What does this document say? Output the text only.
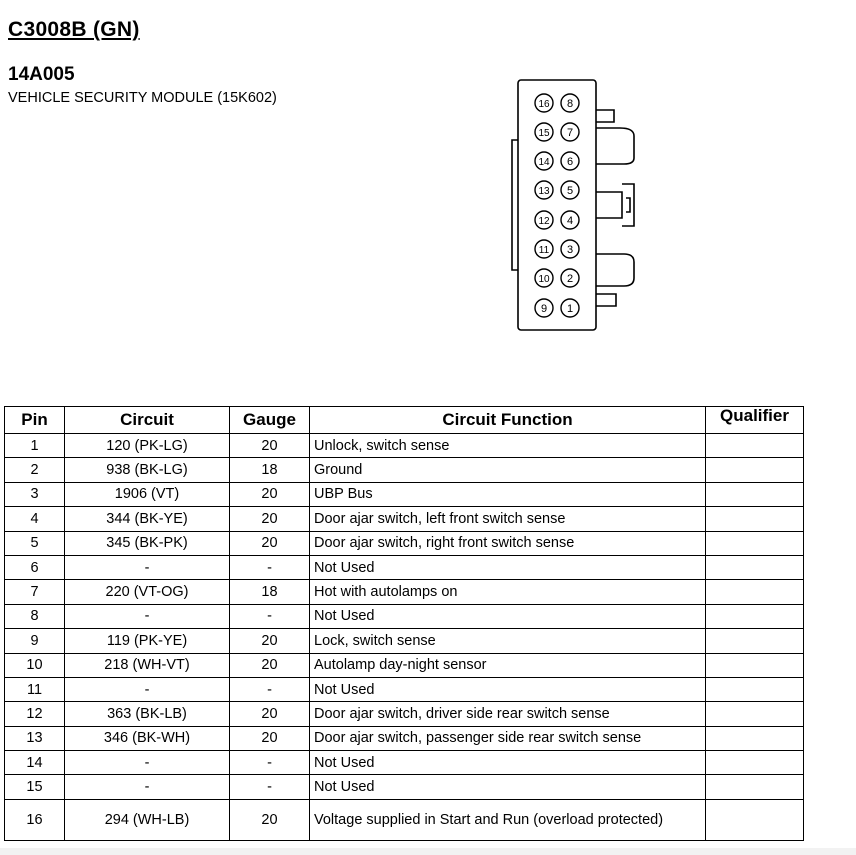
C3008B (GN)
14A005
VEHICLE SECURITY MODULE (15K602)	16 8
15 7
14 6
13 5
12 4
11 3
10 2
9 1
Pin	Circuit	Gauge	Circuit Function	Qualifier
1	120 (PK-LG)	20	Unlock, switch sense	
2	938 (BK-LG)	18	Ground	
3	1906 (VT)	20	UBP Bus	
4	344 (BK-YE)	20	Door ajar switch, left front switch sense	
5	345 (BK-PK)	20	Door ajar switch, right front switch sense	
6	-	-	Not Used	
7	220 (VT-OG)	18	Hot with autolamps on	
8	-	-	Not Used	
9	119 (PK-YE)	20	Lock, switch sense	
10	218 (WH-VT)	20	Autolamp day-night sensor	
11	-	-	Not Used	
12	363 (BK-LB)	20	Door ajar switch, driver side rear switch sense	
13	346 (BK-WH)	20	Door ajar switch, passenger side rear switch sense	
14	-	-	Not Used	
15	-	-	Not Used	
16	294 (WH-LB)	20	Voltage supplied in Start and Run (overload protected)	
